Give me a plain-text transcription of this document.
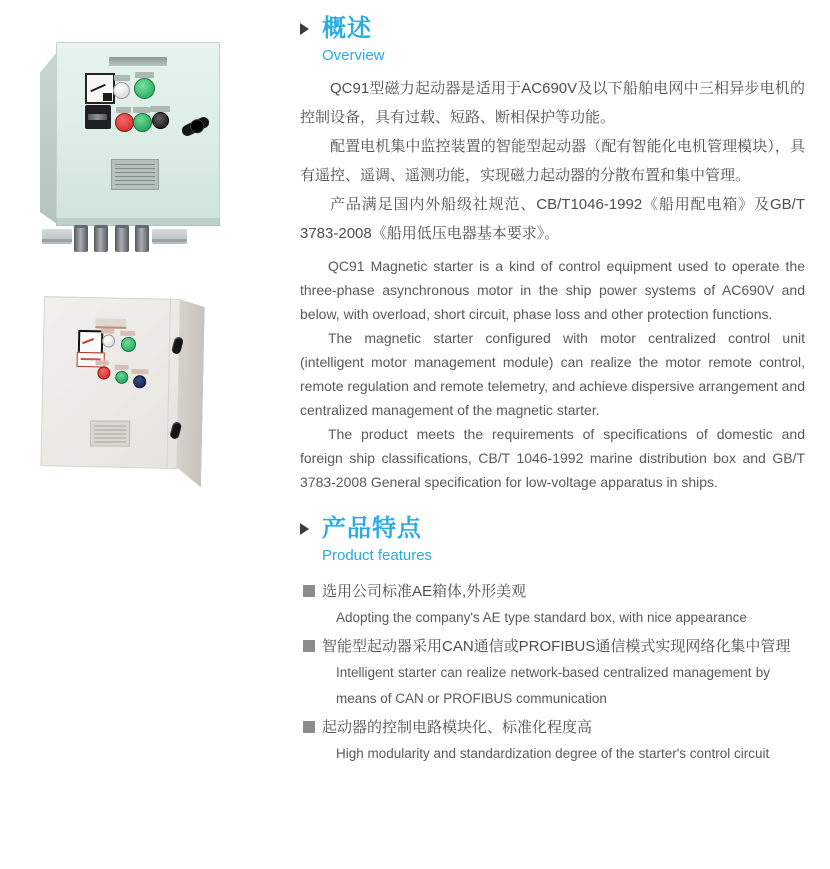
概述
Overview

QC91型磁力起动器是适用于AC690V及以下船舶电网中三相异步电机的控制设备，具有过载、短路、断相保护等功能。

配置电机集中监控装置的智能型起动器（配有智能化电机管理模块），具有遥控、遥调、遥测功能，实现磁力起动器的分散布置和集中管理。

产品满足国内外船级社规范、CB/T1046-1992《船用配电箱》及GB/T 3783-2008《船用低压电器基本要求》。

QC91 Magnetic starter is a kind of control equipment used to operate the three-phase asynchronous motor in the ship power systems of AC690V and below, with overload, short circuit, phase loss and other protection functions.

The magnetic starter configured with motor centralized control unit (intelligent motor management module) can realize the motor remote control, remote regulation and remote telemetry, and achieve dispersive arrangement and centralized management of the magnetic starter.

The product meets the requirements of specifications of domestic and foreign ship classifications, CB/T 1046-1992 marine distribution box and GB/T 3783-2008 General specification for low-voltage apparatus in ships.

产品特点
Product features
选用公司标准AE箱体,外形美观
Adopting the company's AE type standard box, with nice appearance
智能型起动器采用CAN通信或PROFIBUS通信模式实现网络化集中管理
Intelligent starter can realize network-based centralized management by means of CAN or PROFIBUS communication
起动器的控制电路模块化、标准化程度高
High modularity and standardization degree of the starter's control circuit
